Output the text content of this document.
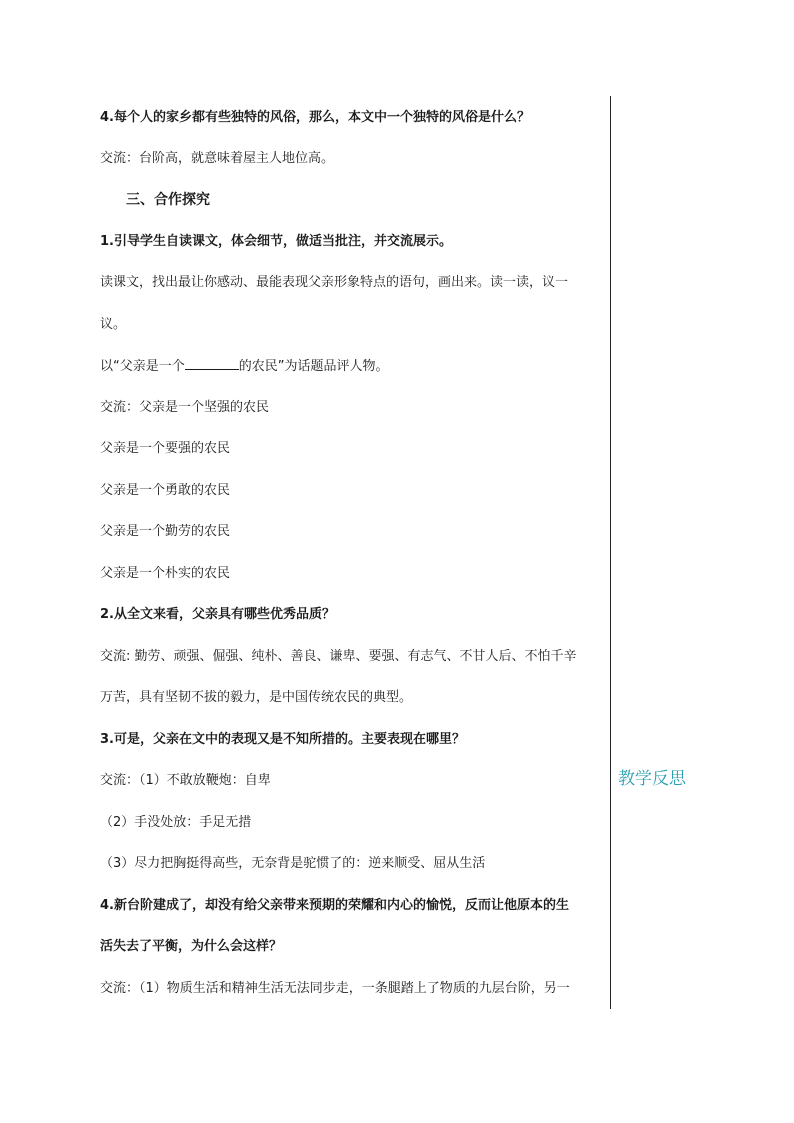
4.每个人的家乡都有些独特的风俗，那么，本文中一个独特的风俗是什么？
交流：台阶高，就意味着屋主人地位高。
三、合作探究
1.引导学生自读课文，体会细节，做适当批注，并交流展示。
读课文，找出最让你感动、最能表现父亲形象特点的语句，画出来。读一读，议一
议。
以“父亲是一个	的农民”为话题品评人物。
交流：父亲是一个坚强的农民
父亲是一个要强的农民
父亲是一个勇敢的农民
父亲是一个勤劳的农民
父亲是一个朴实的农民
2.从全文来看，父亲具有哪些优秀品质？
交流: 勤劳、顽强、倔强、纯朴、善良、谦卑、要强、有志气、不甘人后、不怕千辛
万苦，具有坚韧不拔的毅力，是中国传统农民的典型。
3.可是，父亲在文中的表现又是不知所措的。主要表现在哪里？
交流：（1）不敢放鞭炮：自卑
（2）手没处放：手足无措
（3）尽力把胸挺得高些，无奈背是驼惯了的：逆来顺受、屈从生活
4.新台阶建成了，却没有给父亲带来预期的荣耀和内心的愉悦，反而让他原本的生
活失去了平衡，为什么会这样？
交流：（1）物质生活和精神生活无法同步走，一条腿踏上了物质的九层台阶，另一
教学反思
